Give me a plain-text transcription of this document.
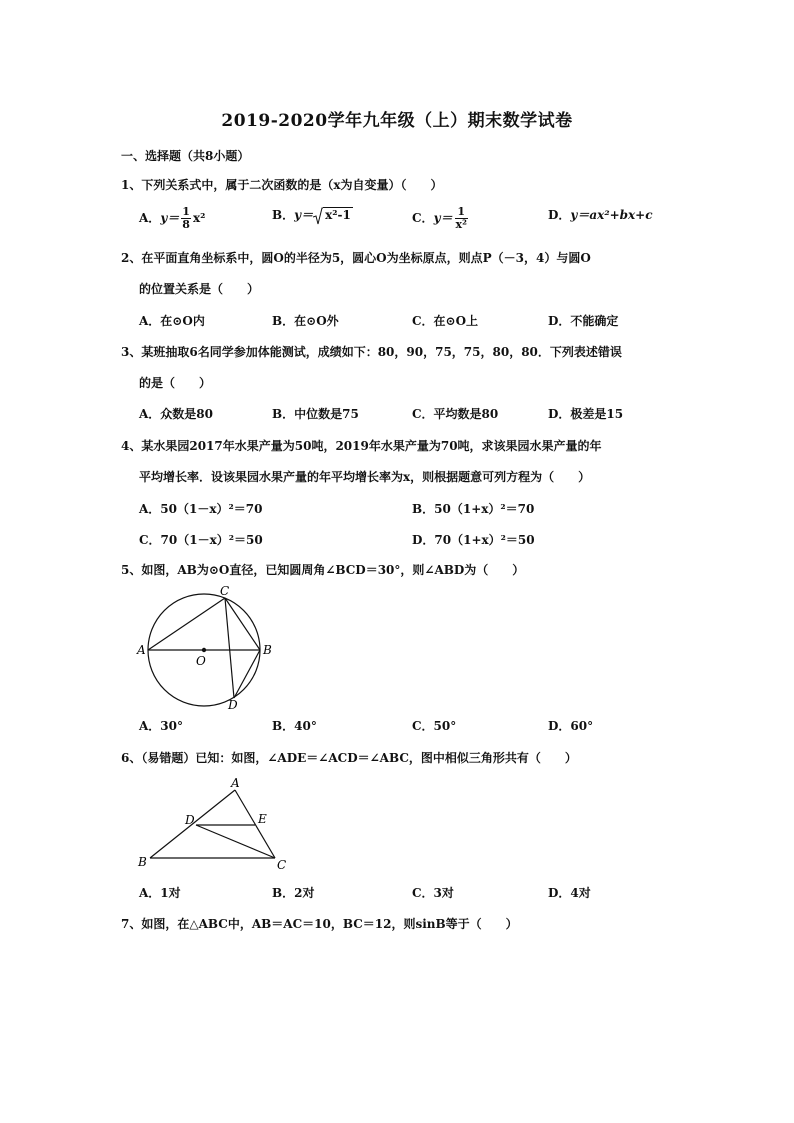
2019-2020学年九年级（上）期末数学试卷
一、选择题（共8小题）
1、下列关系式中，属于二次函数的是（x为自变量）（　　）
A．$y= \frac{1}{8} x^2$	B．y＝ x²-1	C．$y= \frac{1}{\text{x²}}$	D．y＝ax²+bx+c
2、在平面直角坐标系中，圆O的半径为5，圆心O为坐标原点，则点P（－3，4）与圆O
的位置关系是（　　）
A．在⊙O内	B．在⊙O外	C．在⊙O上	D．不能确定
3、某班抽取6名同学参加体能测试，成绩如下：80，90，75，75，80，80．下列表述错误
的是（　　）
A．众数是80	B．中位数是75	C．平均数是80	D．极差是15
4、某水果园2017年水果产量为50吨，2019年水果产量为70吨，求该果园水果产量的年
平均增长率．设该果园水果产量的年平均增长率为x，则根据题意可列方程为（　　）
A．50（1－x）²＝70	B．50（1+x）²＝70
C．70（1－x）²＝50	D．70（1+x）²＝50
5、如图，AB为⊙O直径，已知圆周角∠BCD＝30°，则∠ABD为（　　）
A	B
C
D
O
A．30°	B．40°	C．50°	D．60°
6、（易错题）已知：如图，∠ADE＝∠ACD＝∠ABC，图中相似三角形共有（　　）
A
B	C
D	E
A．1对	B．2对	C．3对	D．4对
7、如图，在△ABC中，AB＝AC＝10，BC＝12，则sinB等于（　　）
